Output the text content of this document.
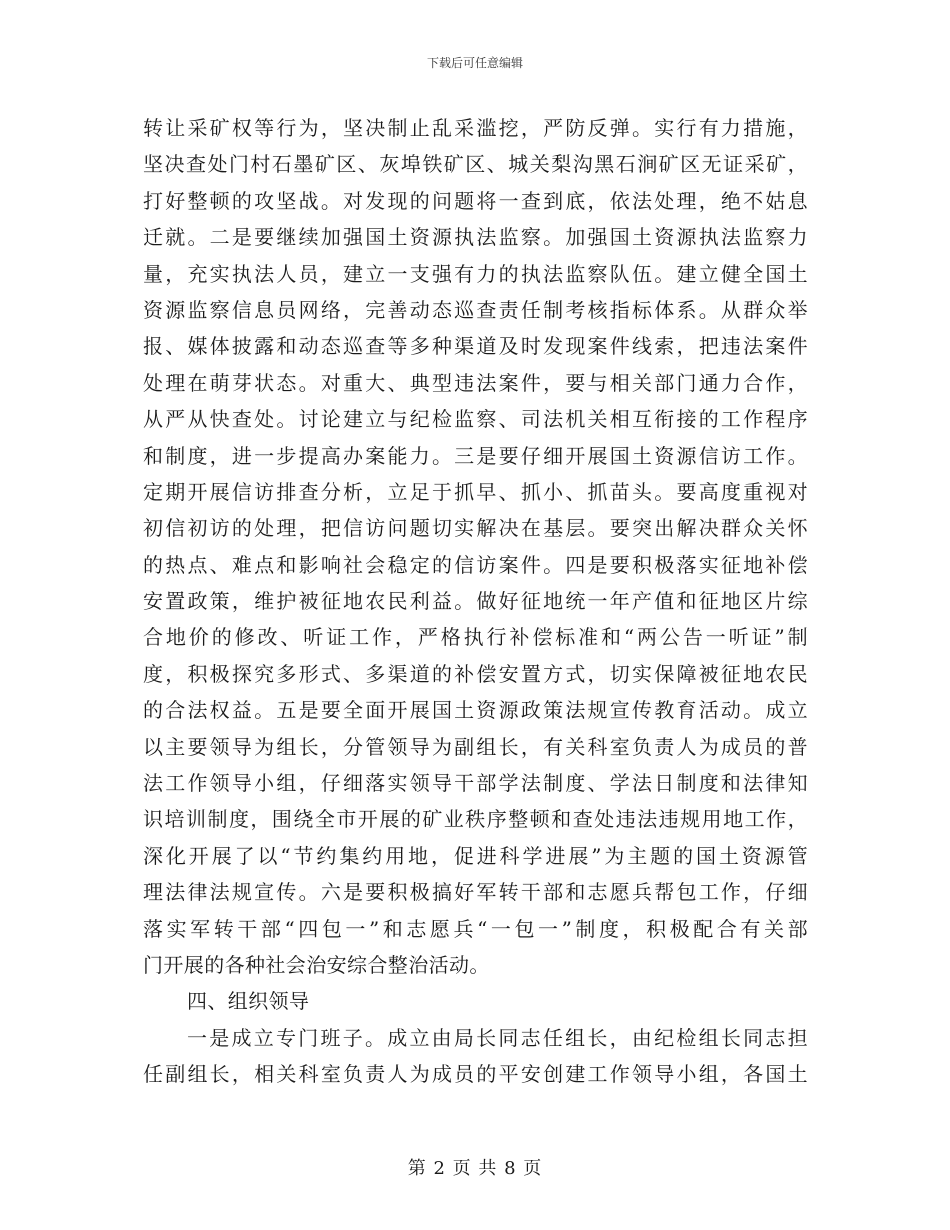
下载后可任意编辑
转让采矿权等行为，坚决制止乱采滥挖，严防反弹。实行有力措施，
坚决查处门村石墨矿区、灰埠铁矿区、城关梨沟黑石涧矿区无证采矿，
打好整顿的攻坚战。对发现的问题将一查到底，依法处理，绝不姑息
迁就。二是要继续加强国土资源执法监察。加强国土资源执法监察力
量，充实执法人员，建立一支强有力的执法监察队伍。建立健全国土
资源监察信息员网络，完善动态巡查责任制考核指标体系。从群众举
报、媒体披露和动态巡查等多种渠道及时发现案件线索，把违法案件
处理在萌芽状态。对重大、典型违法案件，要与相关部门通力合作，
从严从快查处。讨论建立与纪检监察、司法机关相互衔接的工作程序
和制度，进一步提高办案能力。三是要仔细开展国土资源信访工作。
定期开展信访排查分析，立足于抓早、抓小、抓苗头。要高度重视对
初信初访的处理，把信访问题切实解决在基层。要突出解决群众关怀
的热点、难点和影响社会稳定的信访案件。四是要积极落实征地补偿
安置政策，维护被征地农民利益。做好征地统一年产值和征地区片综
合地价的修改、听证工作，严格执行补偿标准和“两公告一听证”制
度，积极探究多形式、多渠道的补偿安置方式，切实保障被征地农民
的合法权益。五是要全面开展国土资源政策法规宣传教育活动。成立
以主要领导为组长，分管领导为副组长，有关科室负责人为成员的普
法工作领导小组，仔细落实领导干部学法制度、学法日制度和法律知
识培训制度，围绕全市开展的矿业秩序整顿和查处违法违规用地工作，
深化开展了以“节约集约用地，促进科学进展”为主题的国土资源管
理法律法规宣传。六是要积极搞好军转干部和志愿兵帮包工作，仔细
落实军转干部“四包一”和志愿兵“一包一”制度，积极配合有关部
门开展的各种社会治安综合整治活动。
四、组织领导
一是成立专门班子。成立由局长同志任组长，由纪检组长同志担
任副组长，相关科室负责人为成员的平安创建工作领导小组，各国土
第 2 页 共 8 页
